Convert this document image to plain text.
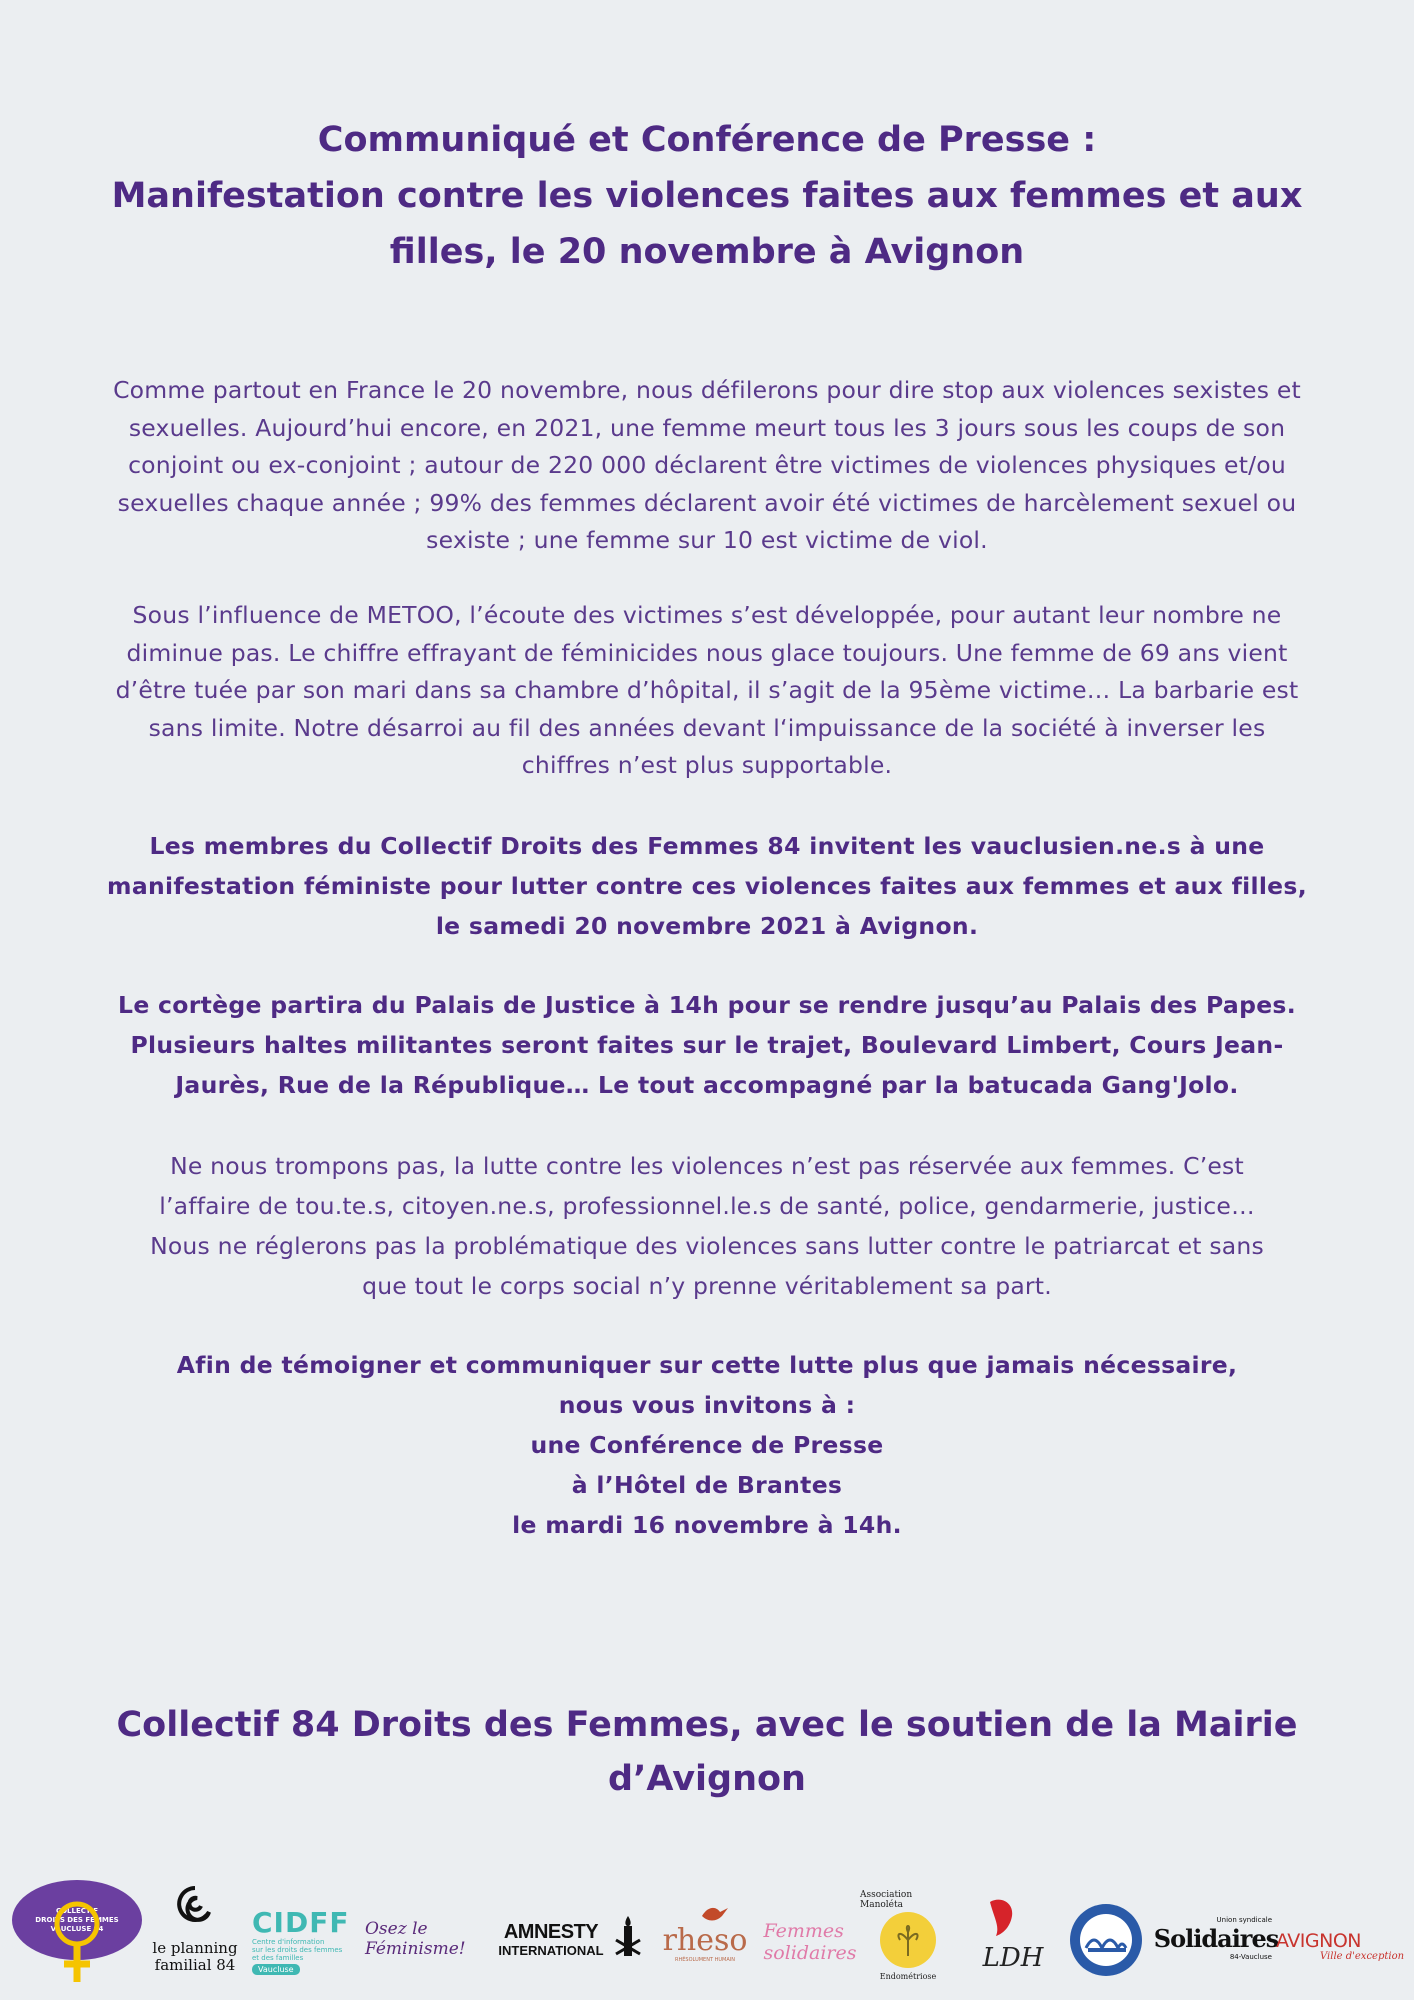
Communiqué et Conférence de Presse :
Manifestation contre les violences faites aux femmes et aux
filles, le 20 novembre à Avignon

Comme partout en France le 20 novembre, nous défilerons pour dire stop aux violences sexistes et
sexuelles. Aujourd’hui encore, en 2021, une femme meurt tous les 3 jours sous les coups de son
conjoint ou ex-conjoint ; autour de 220 000 déclarent être victimes de violences physiques et/ou
sexuelles chaque année ; 99% des femmes déclarent avoir été victimes de harcèlement sexuel ou
sexiste ; une femme sur 10 est victime de viol.

Sous l’influence de METOO, l’écoute des victimes s’est développée, pour autant leur nombre ne
diminue pas. Le chiffre effrayant de féminicides nous glace toujours. Une femme de 69 ans vient
d’être tuée par son mari dans sa chambre d’hôpital, il s’agit de la 95ème victime… La barbarie est
sans limite. Notre désarroi au fil des années devant l‘impuissance de la société à inverser les
chiffres n’est plus supportable.

Les membres du Collectif Droits des Femmes 84 invitent les vauclusien.ne.s à une
manifestation féministe pour lutter contre ces violences faites aux femmes et aux filles,
le samedi 20 novembre 2021 à Avignon.

Le cortège partira du Palais de Justice à 14h pour se rendre jusqu’au Palais des Papes.
Plusieurs haltes militantes seront faites sur le trajet, Boulevard Limbert, Cours Jean-
Jaurès, Rue de la République… Le tout accompagné par la batucada Gang'Jolo.

Ne nous trompons pas, la lutte contre les violences n’est pas réservée aux femmes. C’est
l’affaire de tou.te.s, citoyen.ne.s, professionnel.le.s de santé, police, gendarmerie, justice…
Nous ne réglerons pas la problématique des violences sans lutter contre le patriarcat et sans
que tout le corps social n’y prenne véritablement sa part.

Afin de témoigner et communiquer sur cette lutte plus que jamais nécessaire,
nous vous invitons à :
une Conférence de Presse
à l’Hôtel de Brantes
le mardi 16 novembre à 14h.

Collectif 84 Droits des Femmes, avec le soutien de la Mairie
d’Avignon
COLLECTIF
DROITS DES FEMMES
VAUCLUSE 84
le planning
familial 84
CIDFF
Centre d'information
sur les droits des femmes
et des familles
Vaucluse
Osez le Féminisme!
AMNESTY
INTERNATIONAL rheso
RHÉSOLUMENT HUMAIN
Femmes solidaires
Association Manoléta
Endométriose
LDH
Union syndicale
Solidaires
84-Vaucluse
AVIGNON
Ville d'exception
